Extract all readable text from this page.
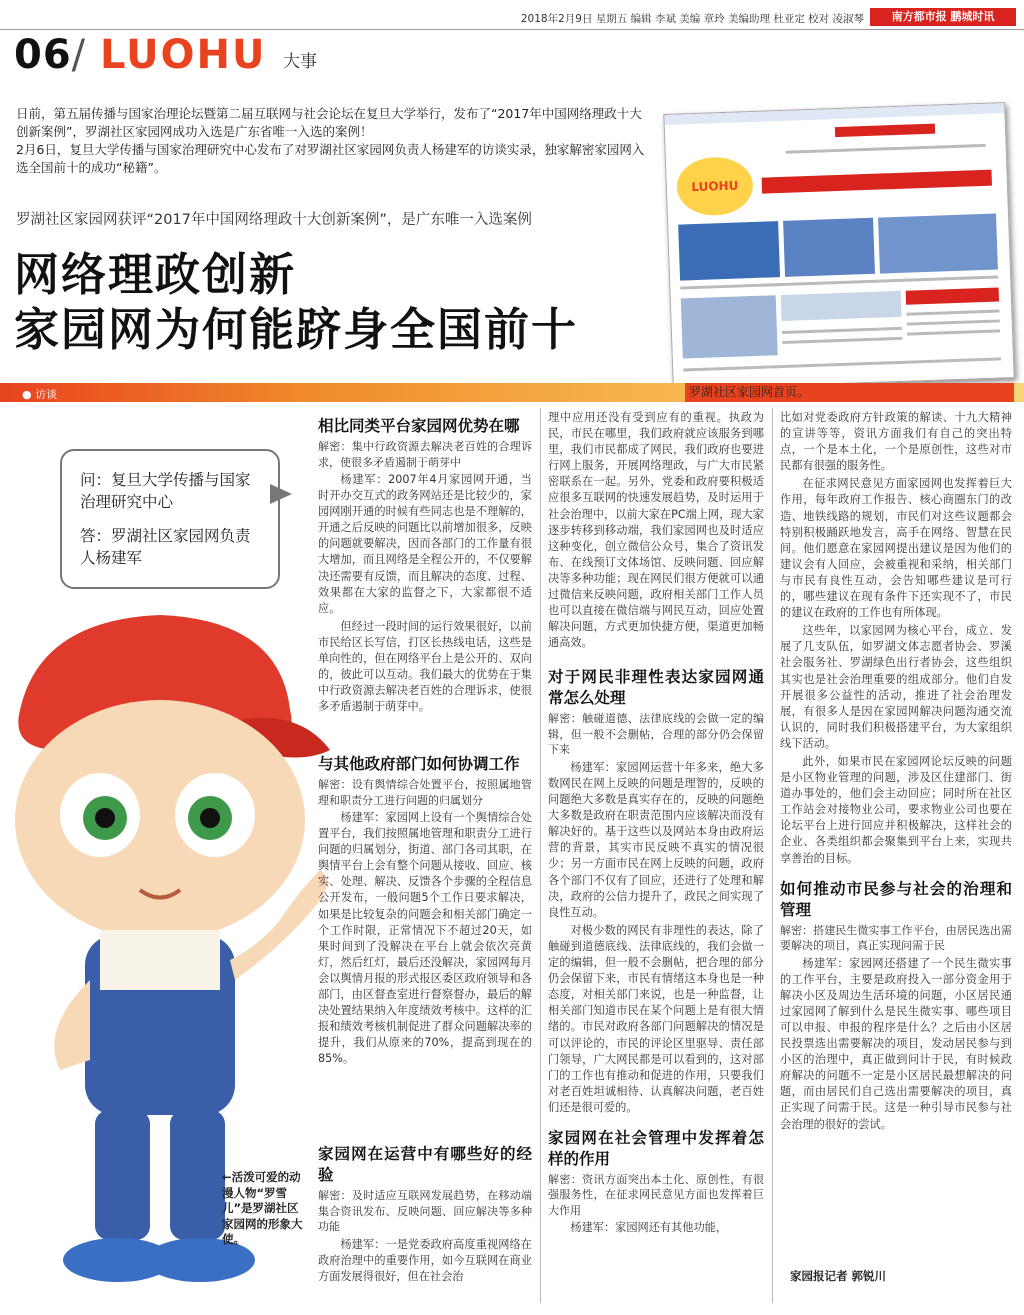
2018年2月9日 星期五 编辑 李斌 美编 章玲 美编助理 杜亚定 校对 凌淑琴	南方都市报 鹏城时讯
06/ LUOHU 大事

日前，第五届传播与国家治理论坛暨第二届互联网与社会论坛在复旦大学举行，发布了“2017年中国网络理政十大创新案例”，罗湖社区家园网成功入选是广东省唯一入选的案例！

2月6日，复旦大学传播与国家治理研究中心发布了对罗湖社区家园网负责人杨建军的访谈实录，独家解密家园网入选全国前十的成功“秘籍”。

罗湖社区家园网获评“2017年中国网络理政十大创新案例”，是广东唯一入选案例
网络理政创新
家园网为何能跻身全国前十
LUOHU
● 访谈	罗湖社区家园网首页。
问：复旦大学传播与国家治理研究中心
答：罗湖社区家园网负责人杨建军
←活泼可爱的动漫人物“罗雪儿”是罗湖社区家园网的形象大使。
相比同类平台家园网优势在哪
解密：集中行政资源去解决老百姓的合理诉求，使很多矛盾遏制于萌芽中
杨建军：2007年4月家园网开通，当时开办交互式的政务网站还是比较少的，家园网刚开通的时候有些同志也是不理解的，开通之后反映的问题比以前增加很多，反映的问题就要解决，因而各部门的工作量有很大增加，而且网络是全程公开的，不仅要解决还需要有反馈，而且解决的态度、过程、效果都在大家的监督之下，大家都很不适应。
但经过一段时间的运行效果很好，以前市民给区长写信，打区长热线电话，这些是单向性的，但在网络平台上是公开的、双向的，彼此可以互动。我们最大的优势在于集中行政资源去解决老百姓的合理诉求，使很多矛盾遏制于萌芽中。
与其他政府部门如何协调工作
解密：设有舆情综合处置平台，按照属地管理和职责分工进行问题的归属划分
杨建军：家园网上设有一个舆情综合处置平台，我们按照属地管理和职责分工进行问题的归属划分，街道、部门各司其职，在舆情平台上会有整个问题从接收、回应、核实、处理、解决、反馈各个步骤的全程信息公开发布，一般问题5个工作日要求解决，如果是比较复杂的问题会和相关部门确定一个工作时限，正常情况下不超过20天，如果时间到了没解决在平台上就会依次亮黄灯，然后红灯，最后还没解决，家园网每月会以舆情月报的形式报区委区政府领导和各部门，由区督查室进行督察督办，最后的解决处置结果纳入年度绩效考核中。这样的汇报和绩效考核机制促进了群众问题解决率的提升，我们从原来的70%，提高到现在的85%。
家园网在运营中有哪些好的经验
解密：及时适应互联网发展趋势，在移动端集合资讯发布、反映问题、回应解决等多种功能
杨建军：一是党委政府高度重视网络在政府治理中的重要作用，如今互联网在商业方面发展得很好，但在社会治
理中应用还没有受到应有的重视。执政为民，市民在哪里，我们政府就应该服务到哪里，我们市民都成了网民，我们政府也要进行网上服务，开展网络理政，与广大市民紧密联系在一起。另外，党委和政府要积极适应很多互联网的快速发展趋势，及时运用于社会治理中，以前大家在PC端上网，现大家逐步转移到移动端，我们家园网也及时适应这种变化，创立微信公众号，集合了资讯发布、在线预订文体场馆、反映问题、回应解决等多种功能；现在网民们很方便就可以通过微信来反映问题，政府相关部门工作人员也可以直接在微信端与网民互动，回应处置解决问题，方式更加快捷方便，渠道更加畅通高效。
对于网民非理性表达家园网通常怎么处理
解密：触碰道德、法律底线的会做一定的编辑，但一般不会删帖，合理的部分仍会保留下来
杨建军：家园网运营十年多来，绝大多数网民在网上反映的问题是理智的，反映的问题绝大多数是真实存在的，反映的问题绝大多数是政府在职责范围内应该解决而没有解决好的。基于这些以及网站本身由政府运营的背景，其实市民反映不真实的情况很少；另一方面市民在网上反映的问题，政府各个部门不仅有了回应，还进行了处理和解决，政府的公信力提升了，政民之间实现了良性互动。
对极少数的网民有非理性的表达，除了触碰到道德底线、法律底线的，我们会做一定的编辑，但一般不会删帖，把合理的部分仍会保留下来，市民有情绪这本身也是一种态度，对相关部门来说，也是一种监督，让相关部门知道市民在某个问题上是有很大情绪的。市民对政府各部门问题解决的情况是可以评论的，市民的评论区里驱导、责任部门领导，广大网民都是可以看到的，这对部门的工作也有推动和促进的作用，只要我们对老百姓坦诚相待、认真解决问题，老百姓们还是很可爱的。
家园网在社会管理中发挥着怎样的作用
解密：资讯方面突出本土化、原创性，有很强服务性，在征求网民意见方面也发挥着巨大作用
杨建军：家园网还有其他功能，
比如对党委政府方针政策的解读、十九大精神的宣讲等等，资讯方面我们有自己的突出特点，一个是本土化，一个是原创性，这些对市民都有很强的服务性。
在征求网民意见方面家园网也发挥着巨大作用，每年政府工作报告、核心商圈东门的改造、地铁线路的规划，市民们对这些议题都会特别积极踊跃地发言，高手在网络、智慧在民间。他们愿意在家园网提出建议是因为他们的建议会有人回应，会被重视和采纳，相关部门与市民有良性互动，会告知哪些建议是可行的，哪些建议在现有条件下还实现不了，市民的建议在政府的工作也有所体现。
这些年，以家园网为核心平台，成立、发展了几支队伍，如罗湖文体志愿者协会、罗溪社会服务社、罗湖绿色出行者协会，这些组织其实也是社会治理重要的组成部分。他们自发开展很多公益性的活动，推进了社会治理发展，有很多人是因在家园网解决问题沟通交流认识的，同时我们积极搭建平台，为大家组织线下活动。
此外，如果市民在家园网论坛反映的问题是小区物业管理的问题，涉及区住建部门、街道办事处的，他们会主动回应；同时所在社区工作站会对接物业公司，要求物业公司也要在论坛平台上进行回应并积极解决，这样社会的企业、各类组织都会聚集到平台上来，实现共享善治的目标。
如何推动市民参与社会的治理和管理
解密：搭建民生微实事工作平台，由居民选出需要解决的项目，真正实现问需于民
杨建军：家园网还搭建了一个民生微实事的工作平台，主要是政府投入一部分资金用于解决小区及周边生活环境的问题，小区居民通过家园网了解到什么是民生微实事、哪些项目可以申报、申报的程序是什么？之后由小区居民投票选出需要解决的项目，发动居民参与到小区的治理中，真正做到问计于民，有时候政府解决的问题不一定是小区居民最想解决的问题，而由居民们自己选出需要解决的项目，真正实现了问需于民。这是一种引导市民参与社会治理的很好的尝试。
家园报记者 郭锐川
